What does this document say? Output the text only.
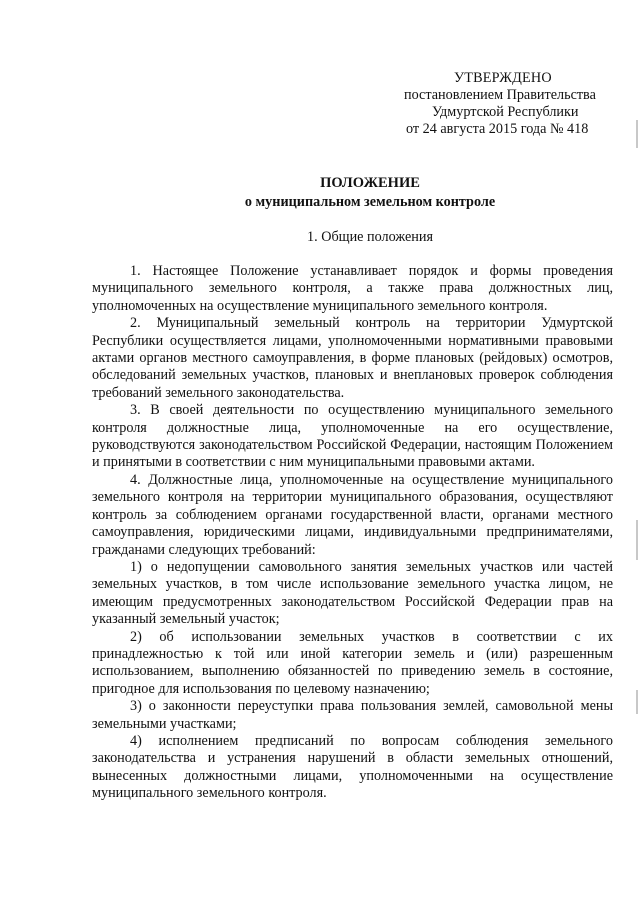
УТВЕРЖДЕНО
постановлением Правительства
Удмуртской Республики
от 24 августа 2015 года № 418
ПОЛОЖЕНИЕ
о муниципальном земельном контроле
1. Общие положения

1. Настоящее Положение устанавливает порядок и формы проведения муниципального земельного контроля, а также права должностных лиц, уполномоченных на осуществление муниципального земельного контроля.

2. Муниципальный земельный контроль на территории Удмуртской Республики осуществляется лицами, уполномоченными нормативными правовыми актами органов местного самоуправления, в форме плановых (рейдовых) осмотров, обследований земельных участков, плановых и внеплановых проверок соблюдения требований земельного законодательства.

3. В своей деятельности по осуществлению муниципального земельного контроля должностные лица, уполномоченные на его осуществление, руководствуются законодательством Российской Федерации, настоящим Положением и принятыми в соответствии с ним муниципальными правовыми актами.

4. Должностные лица, уполномоченные на осуществление муниципального земельного контроля на территории муниципального образования, осуществляют контроль за соблюдением органами государственной власти, органами местного самоуправления, юридическими лицами, индивидуальными предпринимателями, гражданами следующих требований:

1) о недопущении самовольного занятия земельных участков или частей земельных участков, в том числе использование земельного участка лицом, не имеющим предусмотренных законодательством Российской Федерации прав на указанный земельный участок;

2) об использовании земельных участков в соответствии с их принадлежностью к той или иной категории земель и (или) разрешенным использованием, выполнению обязанностей по приведению земель в состояние, пригодное для использования по целевому назначению;

3) о законности переуступки права пользования землей, самовольной мены земельными участками;

4) исполнением предписаний по вопросам соблюдения земельного законодательства и устранения нарушений в области земельных отношений, вынесенных должностными лицами, уполномоченными на осуществление муниципального земельного контроля.
